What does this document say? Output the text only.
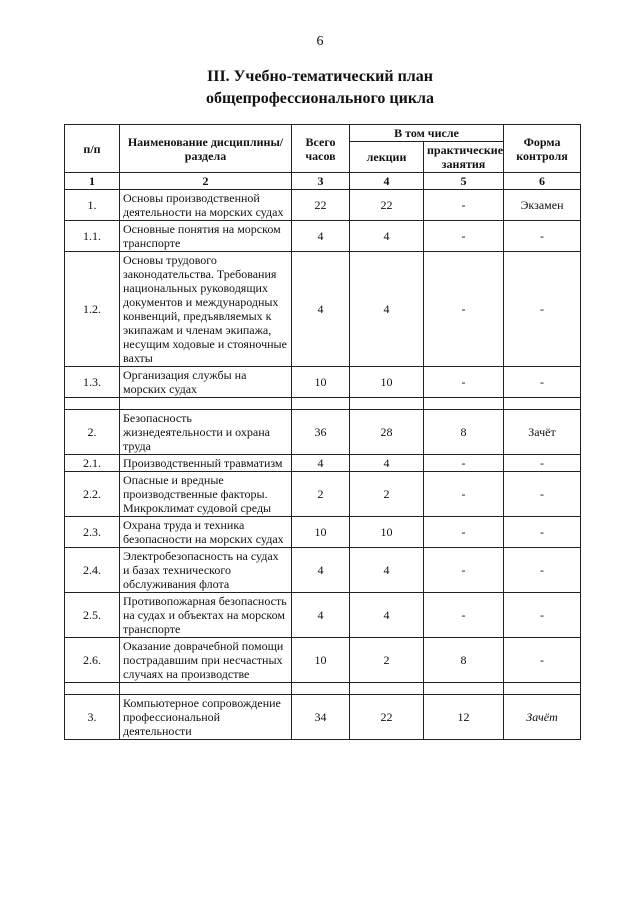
6
III. Учебно-тематический план
общепрофессионального цикла
п/п	Наименование дисциплины/раздела	Всего часов	В том числе		Форма контроля
			лекции	практические занятия	
1	2	3	4	5	6
1.	Основы производственной деятельности на морских судах	22	22	-	Экзамен
1.1.	Основные понятия на морском транспорте	4	4	-	-
1.2.	Основы трудового законодательства. Требования национальных руководящих документов и международных конвенций, предъявляемых к экипажам и членам экипажа, несущим ходовые и стояночные вахты	4	4	-	-
1.3.	Организация службы на морских судах	10	10	-	-

2.	Безопасность жизнедеятельности и охрана труда	36	28	8	Зачёт
2.1.	Производственный травматизм	4	4	-	-
2.2.	Опасные и вредные производственные факторы. Микроклимат судовой среды	2	2	-	-
2.3.	Охрана труда и техника безопасности на морских судах	10	10	-	-
2.4.	Электробезопасность на судах и базах технического обслуживания флота	4	4	-	-
2.5.	Противопожарная безопасность на судах и объектах на морском транспорте	4	4	-	-
2.6.	Оказание доврачебной помощи пострадавшим при несчастных случаях на производстве	10	2	8	-

3.	Компьютерное сопровождение профессиональной деятельности	34	22	12	Зачёт
